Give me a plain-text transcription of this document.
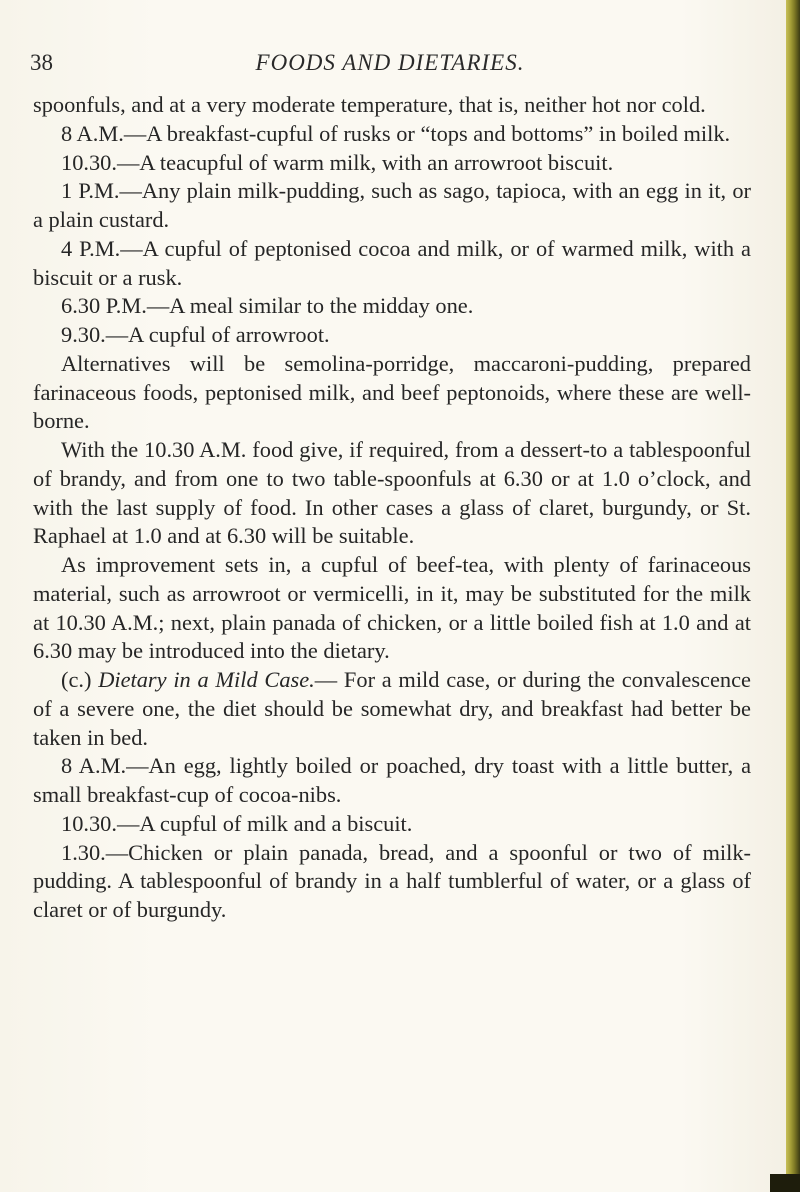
38	FOODS AND DIETARIES.

spoonfuls, and at a very moderate temperature, that is, neither hot nor cold.

8 A.M.—A breakfast-cupful of rusks or “tops and bottoms” in boiled milk.

10.30.—A teacupful of warm milk, with an arrowroot biscuit.

1 P.M.—Any plain milk-pudding, such as sago, tapioca, with an egg in it, or a plain custard.

4 P.M.—A cupful of peptonised cocoa and milk, or of warmed milk, with a biscuit or a rusk.

6.30 P.M.—A meal similar to the midday one.

9.30.—A cupful of arrowroot.

Alternatives will be semolina-porridge, maccaroni-pudding, prepared farinaceous foods, peptonised milk, and beef peptonoids, where these are well-borne.

With the 10.30 A.M. food give, if required, from a dessert-to a tablespoonful of brandy, and from one to two table-spoonfuls at 6.30 or at 1.0 o’clock, and with the last supply of food. In other cases a glass of claret, burgundy, or St. Raphael at 1.0 and at 6.30 will be suitable.

As improvement sets in, a cupful of beef-tea, with plenty of farinaceous material, such as arrowroot or vermicelli, in it, may be substituted for the milk at 10.30 A.M.; next, plain panada of chicken, or a little boiled fish at 1.0 and at 6.30 may be introduced into the dietary.

(c.) Dietary in a Mild Case.— For a mild case, or during the convalescence of a severe one, the diet should be somewhat dry, and breakfast had better be taken in bed.

8 A.M.—An egg, lightly boiled or poached, dry toast with a little butter, a small breakfast-cup of cocoa-nibs.

10.30.—A cupful of milk and a biscuit.

1.30.—Chicken or plain panada, bread, and a spoonful or two of milk-pudding. A tablespoonful of brandy in a half tumblerful of water, or a glass of claret or of burgundy.
